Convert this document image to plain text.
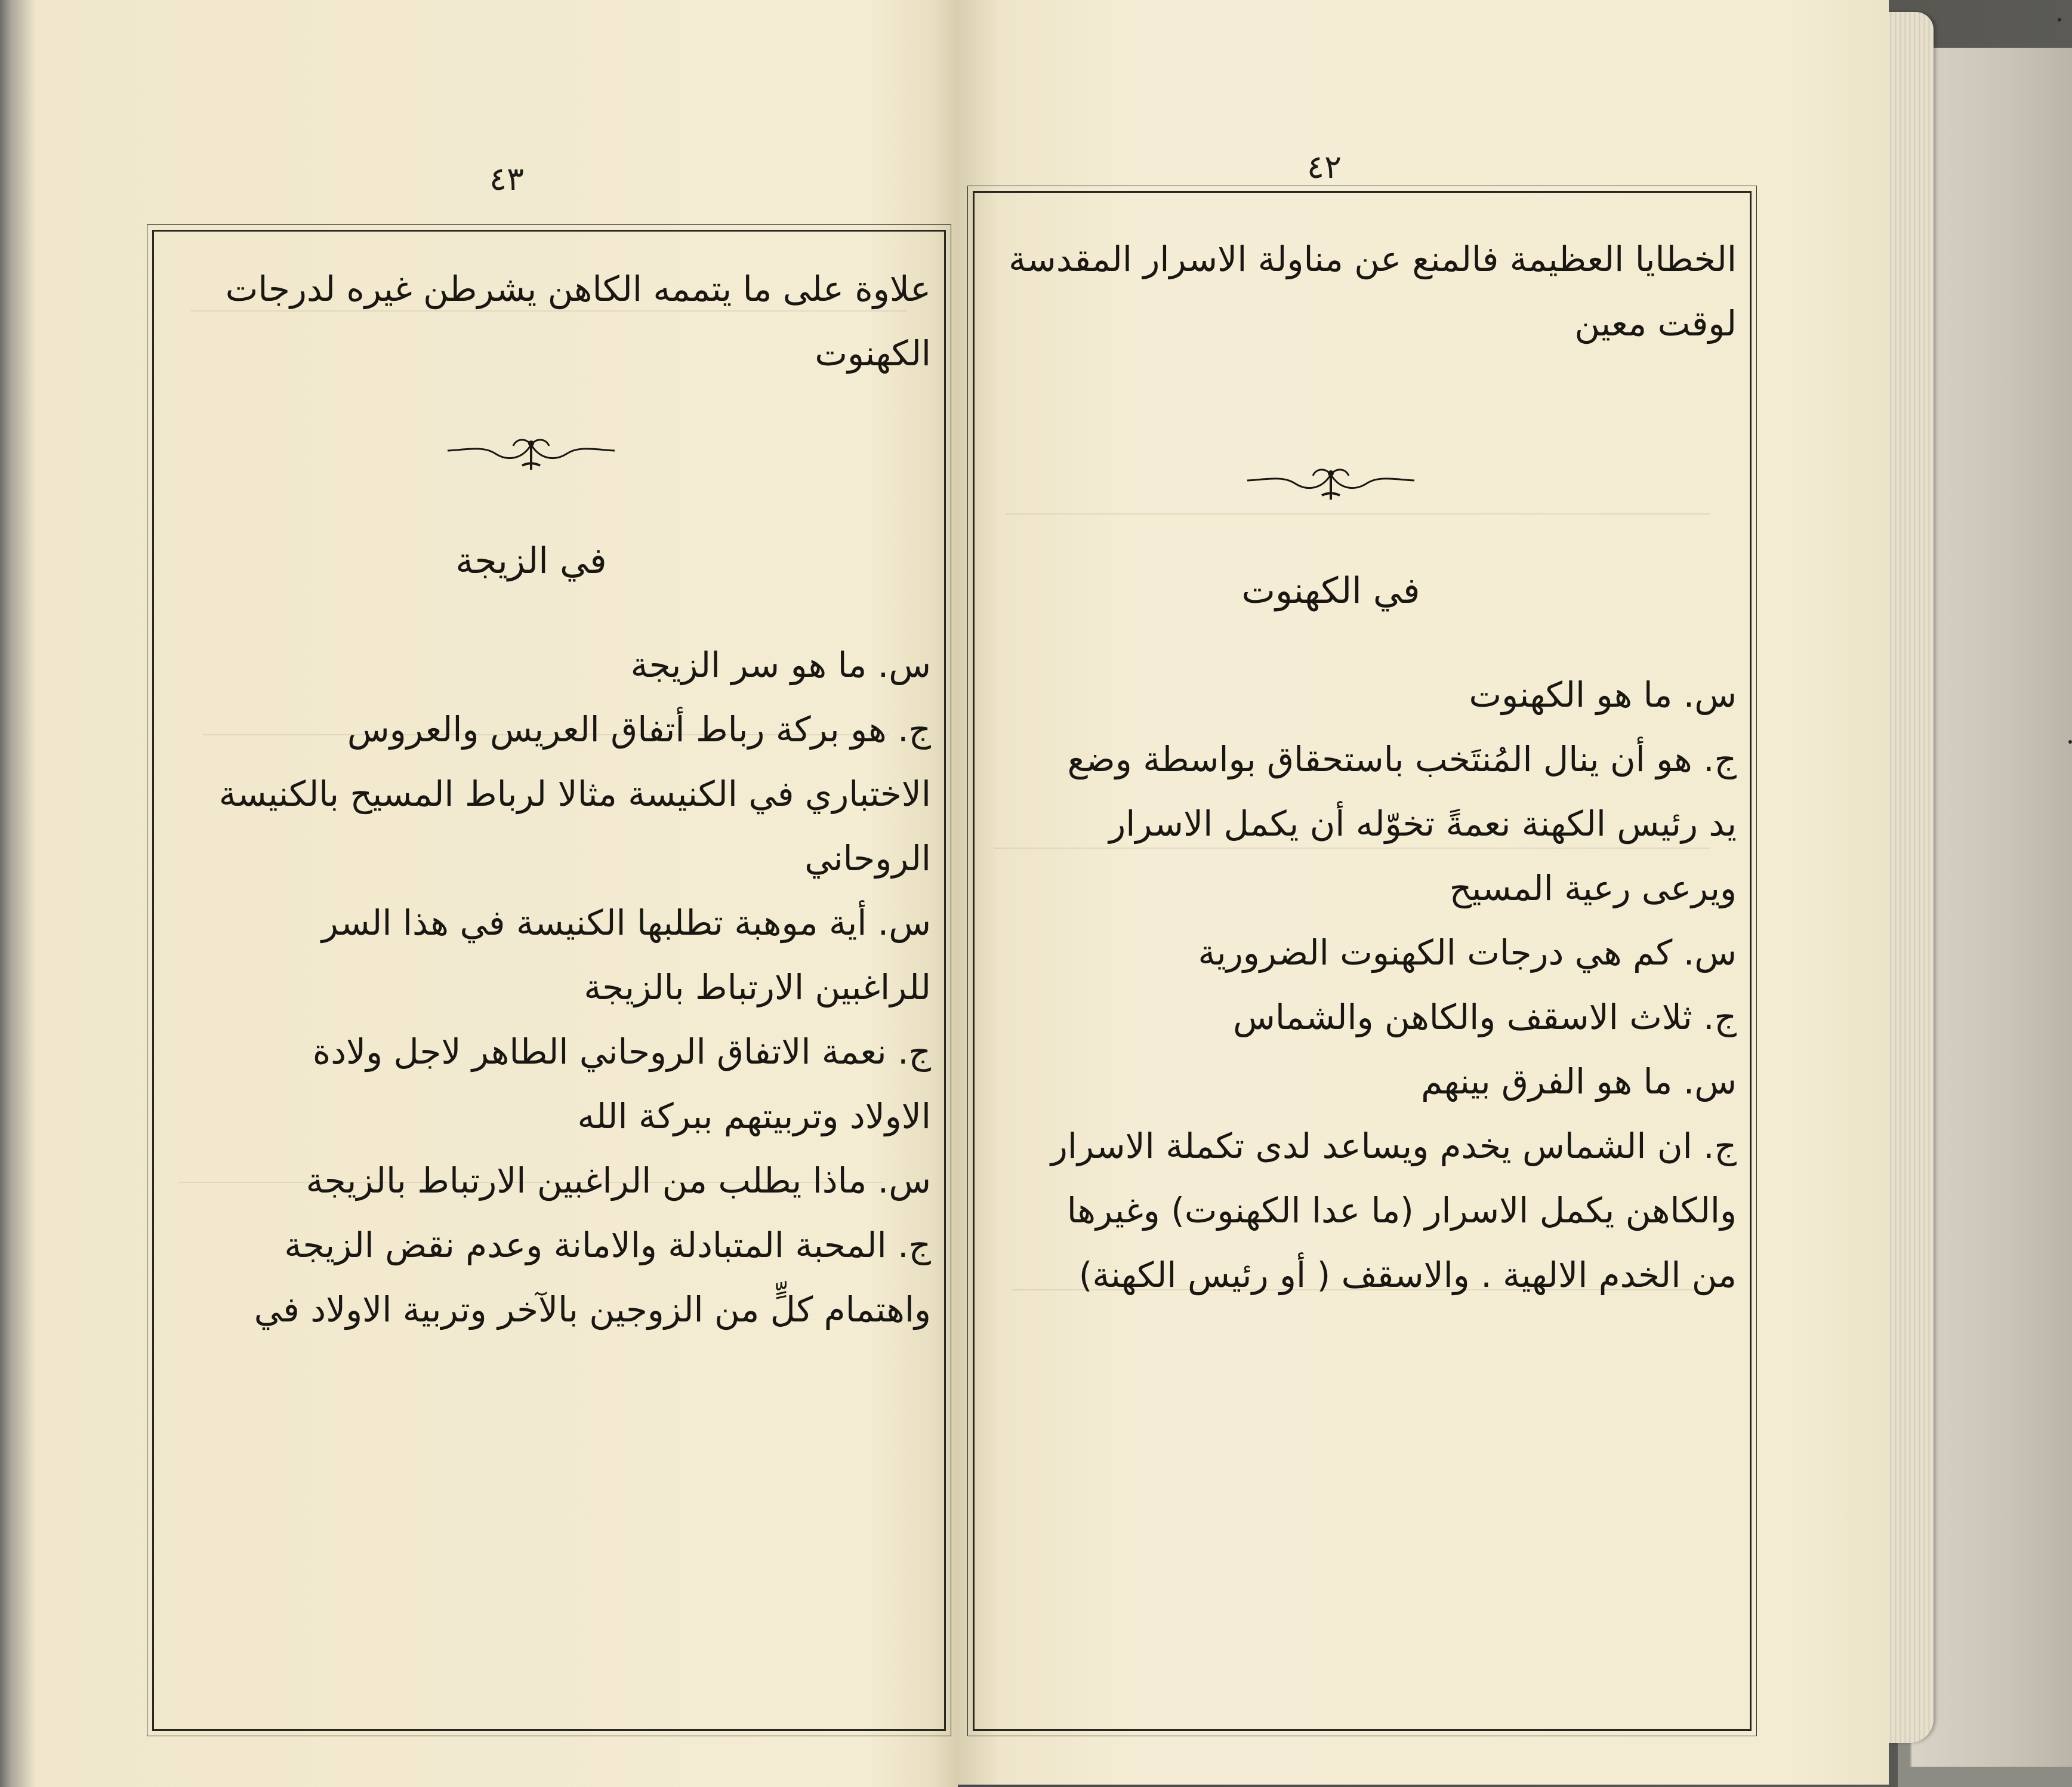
٤٣

علاوة على ما يتممه الكاهن يشرطن غيره لدرجات

الكهنوت

في الزيجة

س. ما هو سر الزيجة

ج. هو بركة رباط أتفاق العريس والعروس

الاختباري في الكنيسة مثالا لرباط المسيح بالكنيسة

الروحاني

س. أية موهبة تطلبها الكنيسة في هذا السر

للراغبين الارتباط بالزيجة

ج. نعمة الاتفاق الروحاني الطاهر لاجل ولادة

الاولاد وتربيتهم ببركة الله

س. ماذا يطلب من الراغبين الارتباط بالزيجة

ج. المحبة المتبادلة والامانة وعدم نقض الزيجة

واهتمام كلٍّ من الزوجين بالآخر وتربية الاولاد في

٤٢

الخطايا العظيمة فالمنع عن مناولة الاسرار المقدسة

لوقت معين

في الكهنوت

س. ما هو الكهنوت

ج. هو أن ينال المُنتَخب باستحقاق بواسطة وضع

يد رئيس الكهنة نعمةً تخوّله أن يكمل الاسرار

ويرعى رعية المسيح

س. كم هي درجات الكهنوت الضرورية

ج. ثلاث الاسقف والكاهن والشماس

س. ما هو الفرق بينهم

ج. ان الشماس يخدم ويساعد لدى تكملة الاسرار

والكاهن يكمل الاسرار (ما عدا الكهنوت) وغيرها

من الخدم الالهية . والاسقف ( أو رئيس الكهنة)
